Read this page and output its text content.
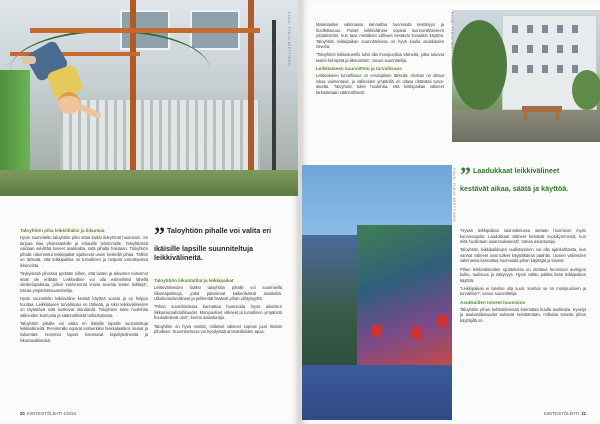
KUVA: PINJA MIETTINEN
Taloyhtiön piha leikkitilaksi ja liikuntaa

Hyvin suunniteltu taloyhtiön piha ottaa kaikki ikäryhmät huomioon. Se tarjoaa tilaa yhdessäololle ja erilaisille toiminnoille. Taloyhtiössä voidaan selvittää toiveet asukkailta, mitä pihalta halutaan. Taloyhtiön pihalle rakennetut leikkipaikat sijaitsevat usein keskellä pihaa. Tällöin on tärkeää, että leikkipaikka on turvallinen ja helposti valvottavissa ikkunoista.

”Nykyisissä pihoissa pyritään siihen, että lasten ja aikuisten toiminnot eivät ole erillään. Leikkiväline voi olla esimerkiksi lähellä oleskelupaikkaa, jolloin vanhemmat voivat seurata lasten leikkejä”, toteaa ympäristösuunnittelija.

Hyvin suunniteltu leikkiväline kestää käyttöä vuosia ja on helppo huoltaa. Leikkialueen turvallisuus on tärkeää, ja siksi leikkivälineiden on täytettävä niitä koskevat standardit. Taloyhtiön tulee huolehtia välineiden kunnosta ja säännöllisistä tarkastuksista.

Taloyhtiön pihalle voi valita eri ikäisille lapsille suunniteltuja leikkivälineitä. Pienimmille sopivat esimerkiksi hiekkalaatikot, keinut ja liukumäet. Isommat lapset innostuvat kiipeilytelineistä ja liikuntavälineistä.

” Taloyhtiön pihalle voi valita eri ikäisille lapsille suunniteltuja leikkivälineitä.
Taloyhtiön liikuntatilat ja leikkipaikat

Leikkivälineiden lisäksi taloyhtiön pihalle voi suunnitella liikuntapaikkoja, jotka palvelevat kaikenikäisiä asukkaita. Ulkokuntoiluvälineet ja pelikentät lisäävät pihan viihtyisyyttä.

”Pihan suunnittelussa kannattaa huomioida myös aikuisten liikkumismahdollisuudet. Monipuoliset välineet ja turvallinen ympäristö houkuttelevat ulos”, kertoo asiantuntija.

Taloyhtiön on hyvä miettiä, millaiset välineet sopivat juuri heidän pihalleen. Suunnittelussa voi hyödyntää ammattilaisten apua.

20 KIINTEISTÖLEHTI 4/2024

Materiaalien valinnassa kannattaa huomioida kestävyys ja huollettavuus. Puiset leikkivälineet sopivat luonnonläheiseen ympäristöön, kun taas metalliset välineet kestävät kovaakin käyttöä. Taloyhtiön leikkipaikan suunnittelussa on hyvä kuulla asukkaiden toiveita.

”Taloyhtiön leikkialueella tulisi olla monipuolisia välineitä, jotka tukevat lasten kehitystä ja liikkumista”, sanoo suunnittelija.

Leikkialueen suunnittelu ja turvallisuus

Leikkialueen turvallisuus on ensisijaisen tärkeää. Alustan on oltava iskua vaimentava, ja välineiden ympärillä on oltava riittävästi turva-aluetta. Taloyhtiön tulee huolehtia, että leikkipaikan välineet tarkastetaan säännöllisesti.

KUVA: PINJA MIETTINEN
KUVA: PINJA MIETTINEN ” Laadukkaat leikkivälineet kestävät aikaa, säätä ja käyttöä.

”Hyvän leikkipaikan suunnittelussa otetaan huomioon myös kunnossapito. Laadukkaat välineet kestävät vuosikymmeniä, kun niitä huolletaan asianmukaisesti”, toteaa asiantuntija.

Taloyhtiön leikkipaikkojen uudistaminen voi olla ajankohtaista, kun vanhat välineet ovat tulleet käyttöikänsä päähän. Uusien välineiden valinnassa kannattaa huomioida pihan käyttäjät ja toiveet.

Pihan leikkivälineiden sijoittelussa on otettava huomioon auringon kulku, tuulisuus ja näkyvyys. Hyvin valittu paikka lisää leikkipaikan käyttöä.

”Leikkipaikan ei tarvitse olla suuri, kunhan se on monipuolinen ja turvallinen”, sanoo suunnittelija.

Asukkaiden toiveet huomioon

Taloyhtiön pihan kehittämisessä kannattaa kuulla asukkaita. Kyselyt ja asukastilaisuudet auttavat selvittämään, millaisia toiveita pihan käyttäjillä on.

KIINTEISTÖLEHTI 21
